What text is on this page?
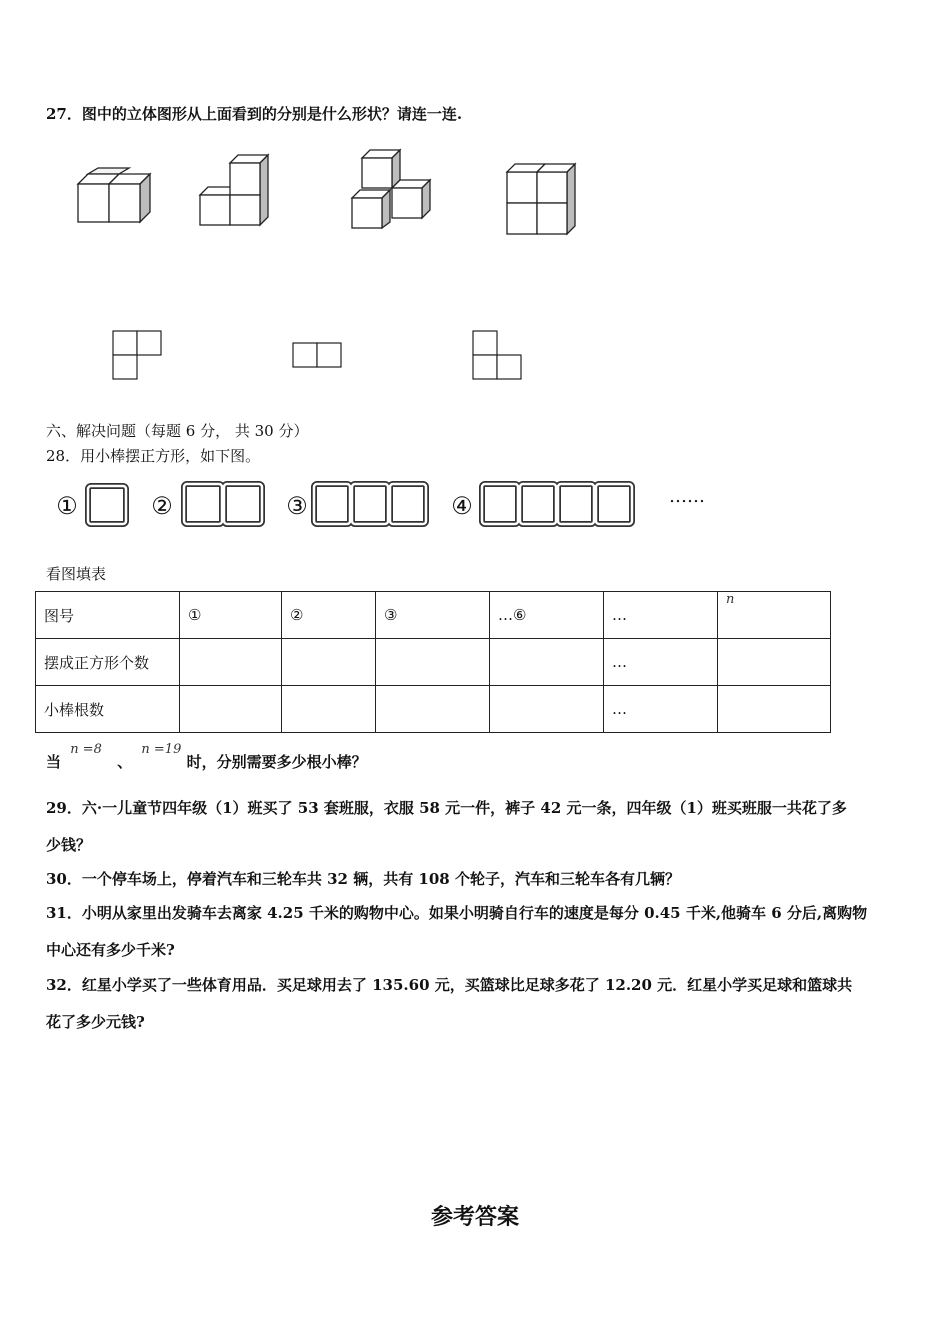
27．图中的立体图形从上面看到的分别是什么形状？请连一连.
六、解决问题（每题 6 分， 共 30 分）
28．用小棒摆正方形，如下图。
①	②	③	④	……
看图填表
图号	①	②	③	…⑥	…	n
摆成正方形个数					…	
小棒根数					…	
当 n =8 、 n =19 时，分别需要多少根小棒？
29．六·一儿童节四年级（1）班买了 53 套班服，衣服 58 元一件，裤子 42 元一条，四年级（1）班买班服一共花了多
少钱？
30．一个停车场上，停着汽车和三轮车共 32 辆，共有 108 个轮子，汽车和三轮车各有几辆？
31．小明从家里出发骑车去离家 4.25 千米的购物中心。如果小明骑自行车的速度是每分 0.45 千米,他骑车 6 分后,离购物
中心还有多少千米?
32．红星小学买了一些体育用品．买足球用去了 135.60 元，买篮球比足球多花了 12.20 元．红星小学买足球和篮球共
花了多少元钱?
参考答案
